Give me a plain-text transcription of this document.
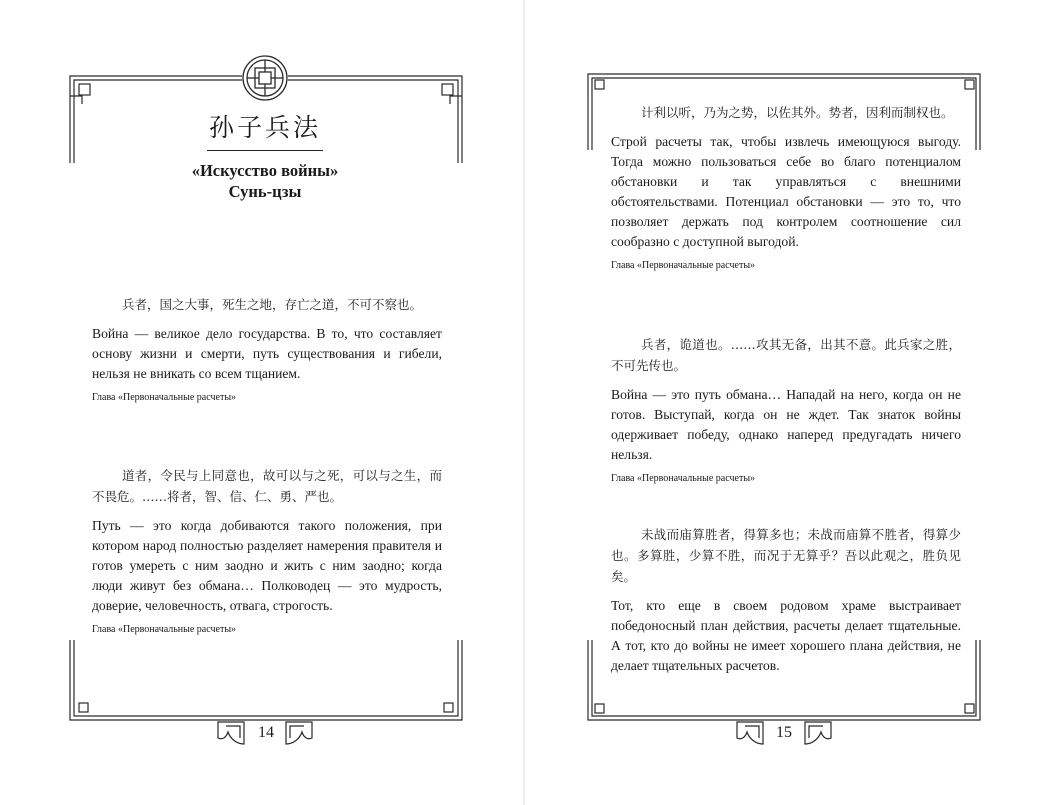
孙子兵法
«Искусство войны»
Сунь-цзы

兵者，国之大事，死生之地，存亡之道，不可不察也。

Война — великое дело государства. В то, что составляет основу жизни и смерти, путь существования и гибели, нельзя не вникать со всем тщанием.

Глава «Первоначальные расчеты»

道者，令民与上同意也，故可以与之死，可以与之生，而不畏危。……将者，智、信、仁、勇、严也。

Путь — это когда добиваются такого положения, при котором народ полностью разделяет намерения правителя и готов умереть с ним заодно и жить с ним заодно; когда люди живут без обмана… Полководец — это мудрость, доверие, человечность, отвага, строгость.

Глава «Первоначальные расчеты»

14

计利以听，乃为之势，以佐其外。势者，因利而制权也。

Строй расчеты так, чтобы извлечь имеющуюся выгоду. Тогда можно пользоваться себе во благо потенциалом обстановки и так управляться с внешними обстоятельствами. Потенциал обстановки — это то, что позволяет держать под контролем соотношение сил сообразно с доступной выгодой.

Глава «Первоначальные расчеты»

兵者，诡道也。……攻其无备，出其不意。此兵家之胜，不可先传也。

Война — это путь обмана… Нападай на него, когда он не готов. Выступай, когда он не ждет. Так знаток войны одерживает победу, однако наперед предугадать ничего нельзя.

Глава «Первоначальные расчеты»

未战而庙算胜者，得算多也；未战而庙算不胜者，得算少也。多算胜，少算不胜，而况于无算乎？吾以此观之，胜负见矣。

Тот, кто еще в своем родовом храме выстраивает победоносный план действия, расчеты делает тщательные. А тот, кто до войны не имеет хорошего плана действия, не делает тщательных расчетов.

15
